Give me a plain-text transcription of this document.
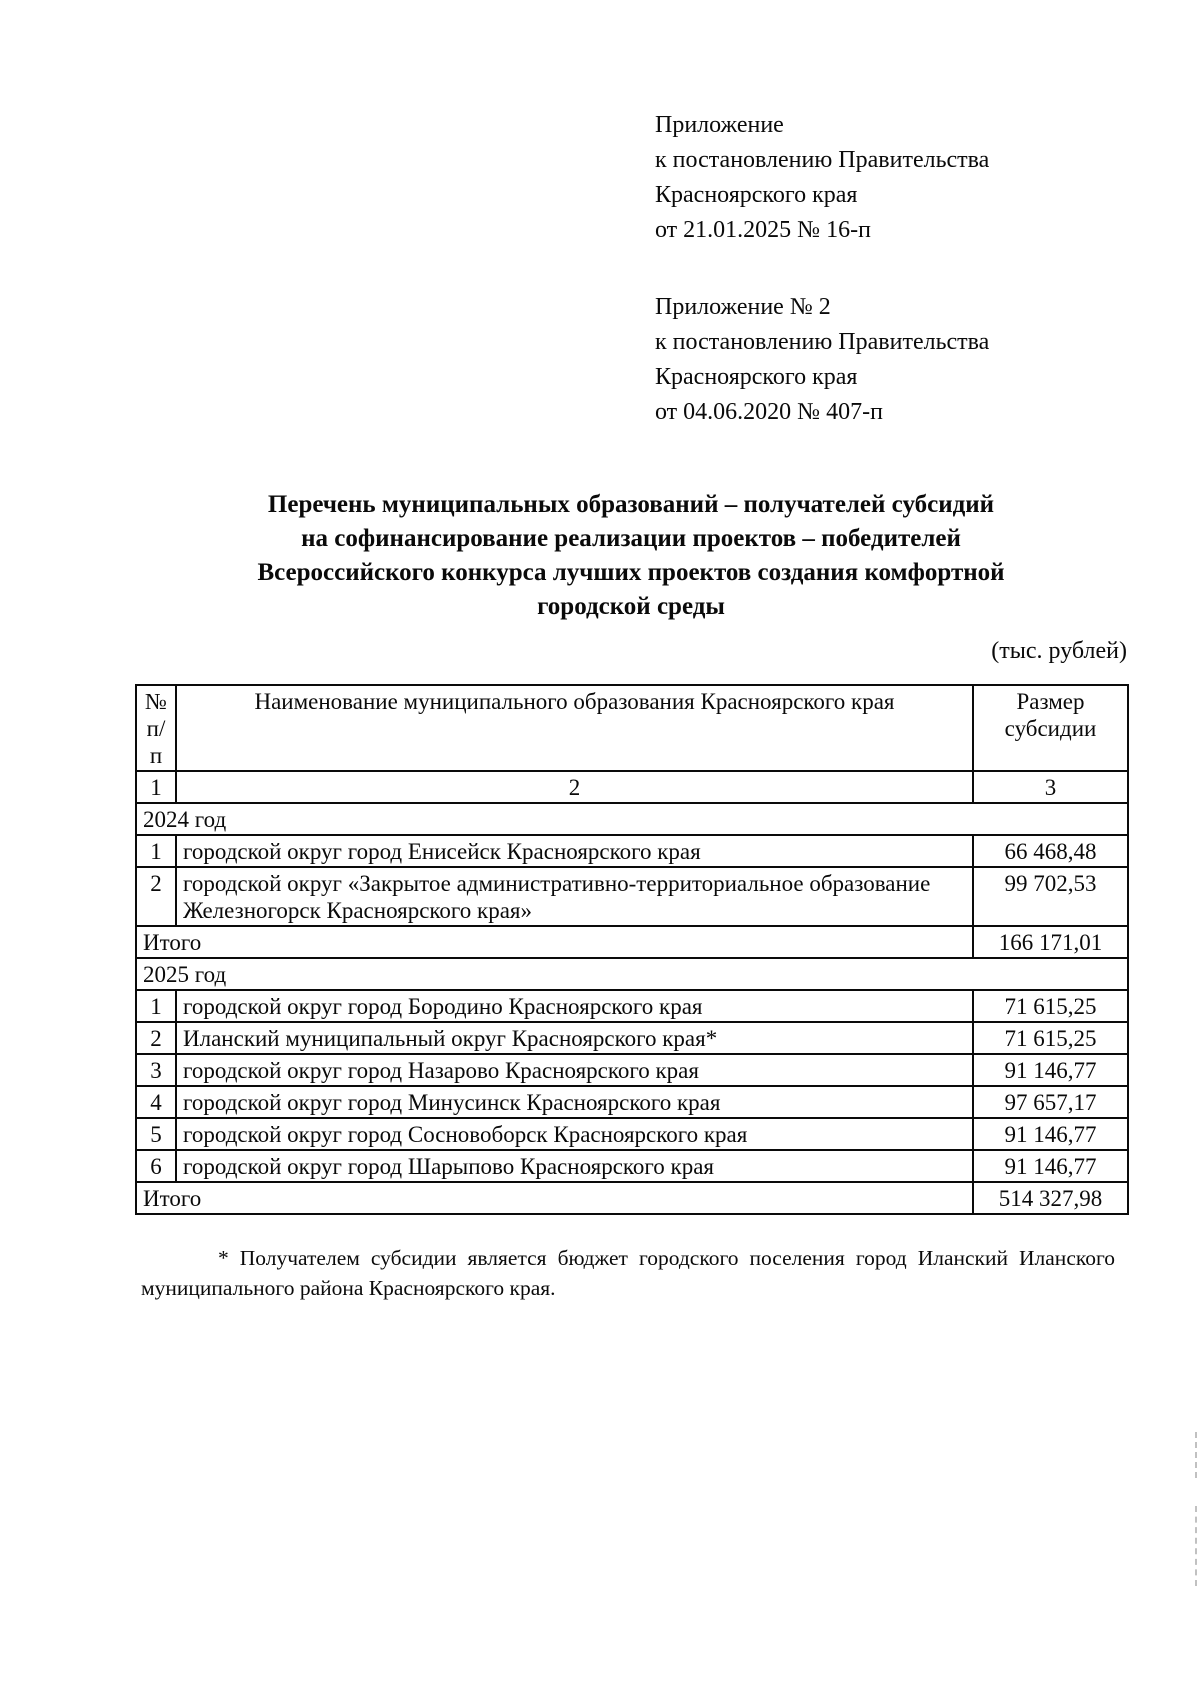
Приложение
к постановлению Правительства
Красноярского края
от 21.01.2025 № 16-п
Приложение № 2
к постановлению Правительства
Красноярского края
от 04.06.2020 № 407-п
Перечень муниципальных образований – получателей субсидий
на софинансирование реализации проектов – победителей
Всероссийского конкурса лучших проектов создания комфортной
городской среды
(тыс. рублей)
№ п/п	Наименование муниципального образования Красноярского края	Размер субсидии
1	2	3
2024 год		
1	городской округ город Енисейск Красноярского края	66 468,48
2	городской округ «Закрытое административно-территориальное образование Железногорск Красноярского края»	99 702,53
Итого		166 171,01
2025 год		
1	городской округ город Бородино Красноярского края	71 615,25
2	Иланский муниципальный округ Красноярского края*	71 615,25
3	городской округ город Назарово Красноярского края	91 146,77
4	городской округ город Минусинск Красноярского края	97 657,17
5	городской округ город Сосновоборск Красноярского края	91 146,77
6	городской округ город Шарыпово Красноярского края	91 146,77
Итого		514 327,98
* Получателем субсидии является бюджет городского поселения город Иланский Иланского
муниципального района Красноярского края.
